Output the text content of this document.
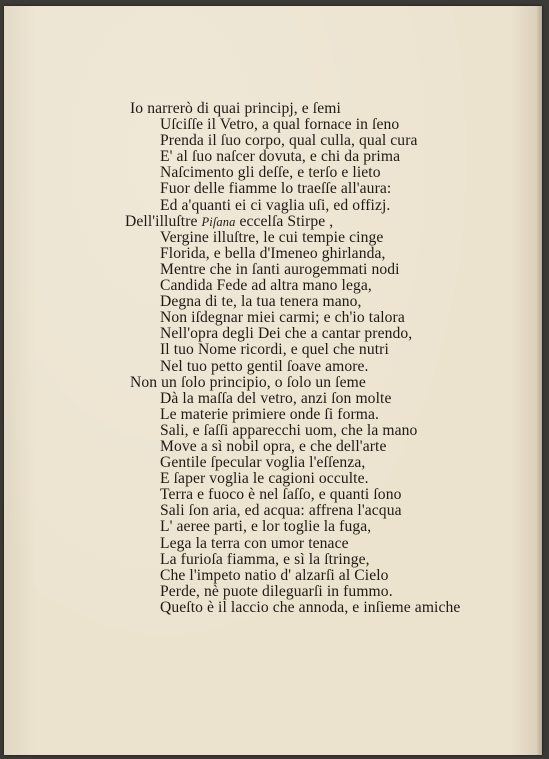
Io narrerò di quai principj, e ſemi
Uſciſſe il Vetro, a qual fornace in ſeno
Prenda il ſuo corpo, qual culla, qual cura
E' al ſuo naſcer dovuta, e chi da prima
Naſcimento gli deſſe, e terſo e lieto
Fuor delle fiamme lo traeſſe all'aura:
Ed a'quanti ei ci vaglia uſi, ed offizj.
Dell'illuſtre Piſana eccelſa Stirpe ,
Vergine illuſtre, le cui tempie cinge
Florida, e bella d'Imeneo ghirlanda,
Mentre che in ſanti aurogemmati nodi
Candida Fede ad altra mano lega,
Degna di te, la tua tenera mano,
Non iſdegnar miei carmi; e ch'io talora
Nell'opra degli Dei che a cantar prendo,
Il tuo Nome ricordi, e quel che nutri
Nel tuo petto gentil ſoave amore.
Non un ſolo principio, o ſolo un ſeme
Dà la maſſa del vetro, anzi ſon molte
Le materie primiere onde ſi forma.
Sali, e ſaſſi apparecchi uom, che la mano
Move a sì nobil opra, e che dell'arte
Gentile ſpecular voglia l'eſſenza,
E ſaper voglia le cagioni occulte.
Terra e fuoco è nel ſaſſo, e quanti ſono
Sali ſon aria, ed acqua: affrena l'acqua
L' aeree parti, e lor toglie la fuga,
Lega la terra con umor tenace
La furioſa fiamma, e sì la ſtringe,
Che l'impeto natio d' alzarſi al Cielo
Perde, nè puote dileguarſi in fummo.
Queſto è il laccio che annoda, e inſieme amiche
